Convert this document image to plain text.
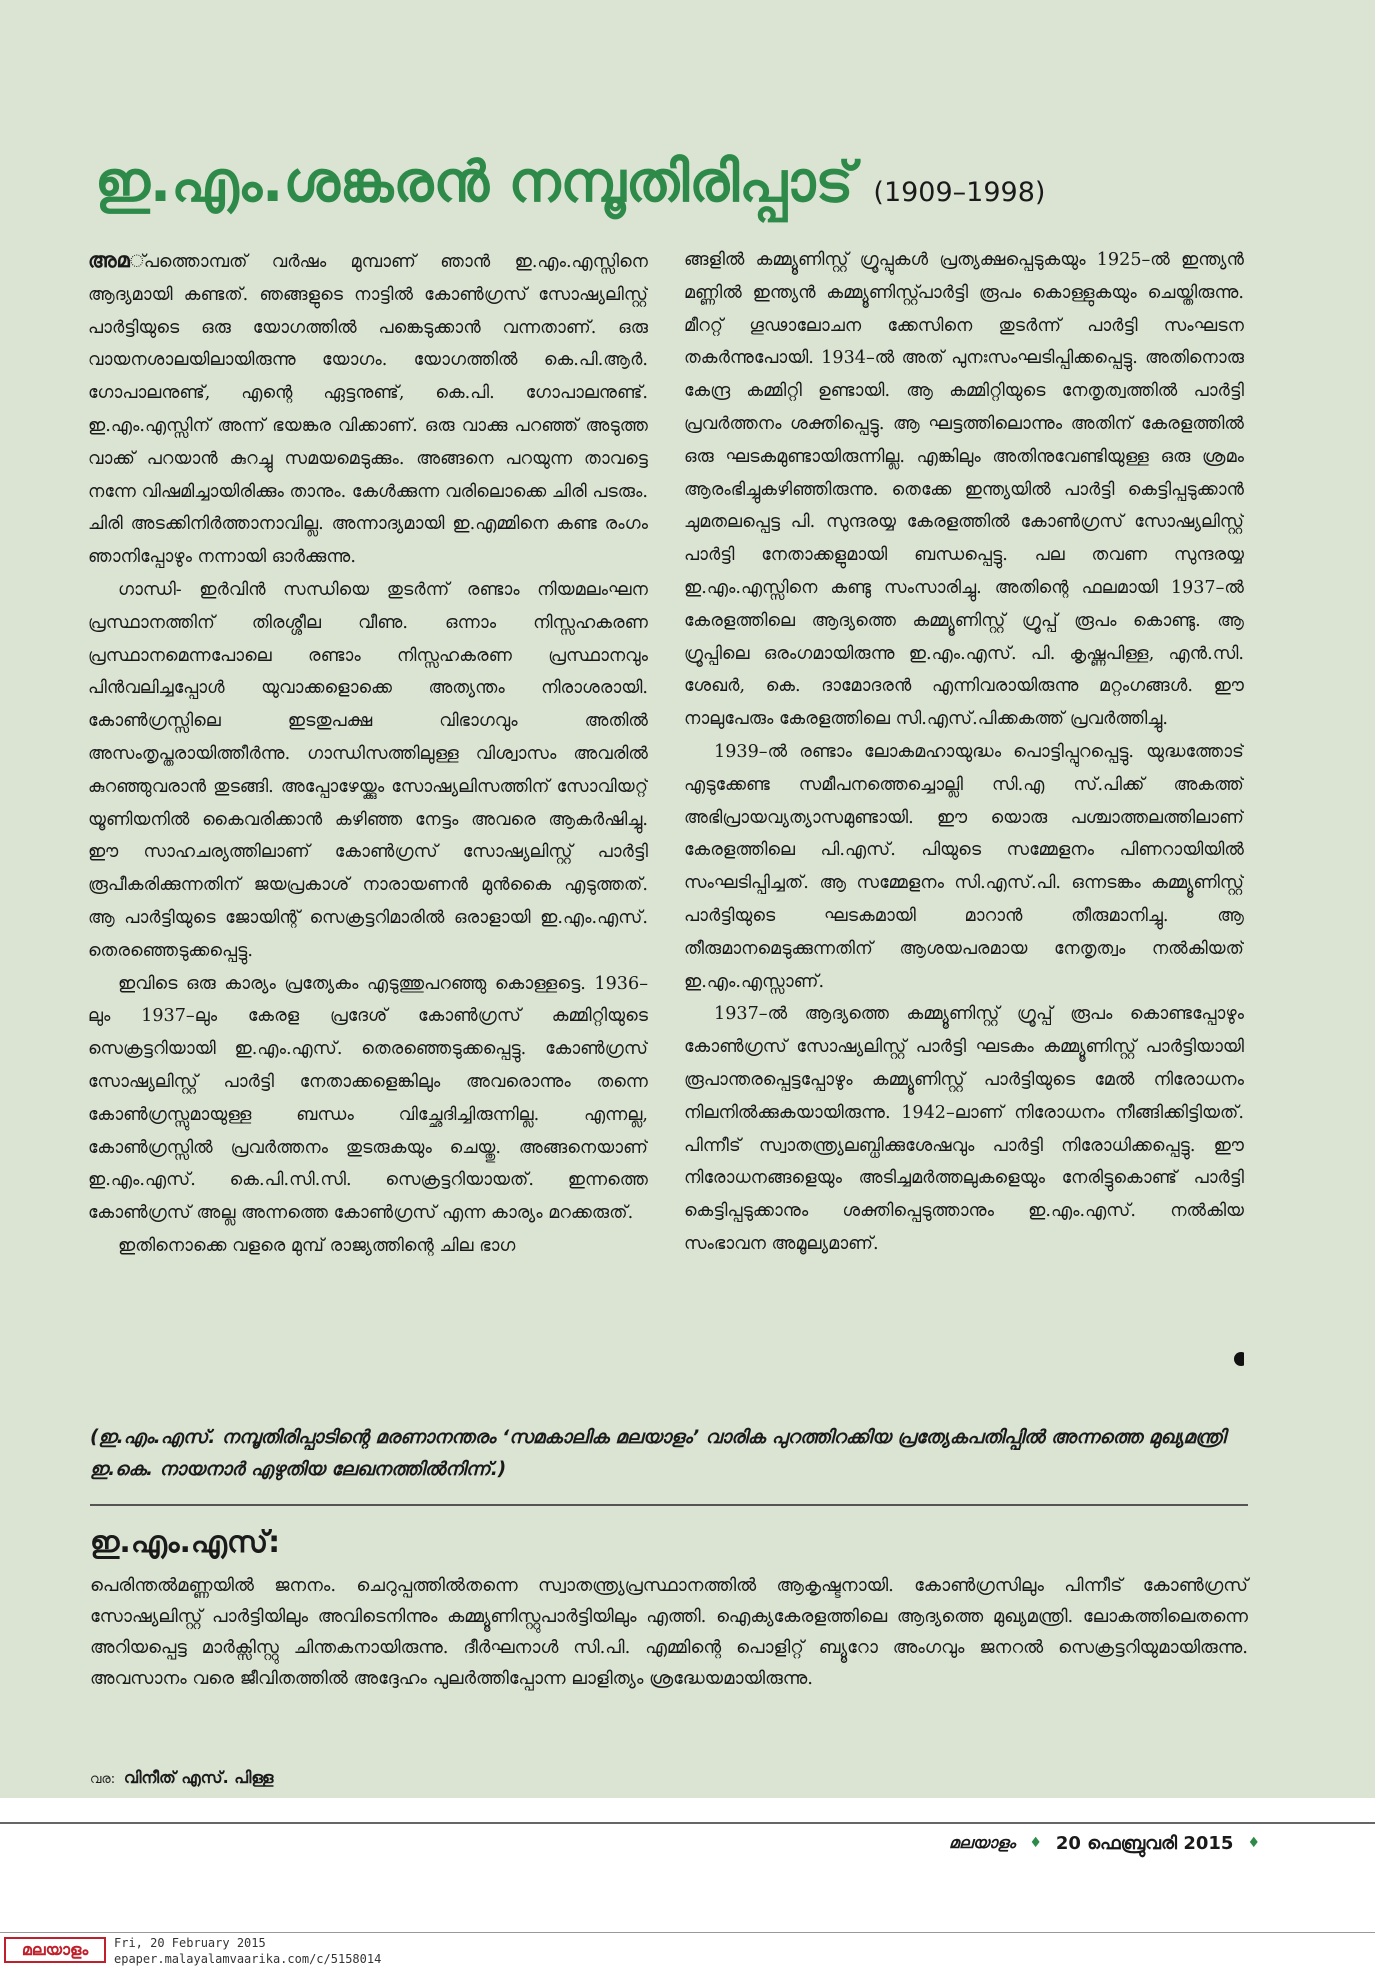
ഇ.എം.ശങ്കരൻ നമ്പൂതിരിപ്പാട് (1909–1998)

അമ്പത്തൊമ്പത് വർഷം മുമ്പാണ് ഞാൻ ഇ.എം.എസ്സിനെ ആദ്യമായി കണ്ടത്. ഞങ്ങളുടെ നാട്ടിൽ കോൺഗ്രസ് സോഷ്യലിസ്റ്റ് പാർട്ടിയുടെ ഒരു യോഗത്തിൽ പങ്കെടുക്കാൻ വന്നതാണ്. ഒരു വായനശാലയിലായിരുന്നു യോഗം. യോഗത്തിൽ കെ.പി.ആർ. ഗോപാലനുണ്ട്, എന്റെ ഏട്ടനുണ്ട്, കെ.പി. ഗോപാലനുണ്ട്. ഇ.എം.എസ്സിന് അന്ന് ഭയങ്കര വിക്കാണ്. ഒരു വാക്കു പറഞ്ഞ് അടുത്ത വാക്ക് പറയാൻ കുറച്ചു സമയമെടുക്കും. അങ്ങനെ പറയുന്ന താവട്ടെ നന്നേ വിഷമിച്ചായിരിക്കും താനും. കേൾക്കുന്ന വരിലൊക്കെ ചിരി പടരും. ചിരി അടക്കിനിർത്താനാവില്ല. അന്നാദ്യമായി ഇ.എമ്മിനെ കണ്ട രംഗം ഞാനിപ്പോഴും നന്നായി ഓർക്കുന്നു.

ഗാന്ധി- ഇർവിൻ സന്ധിയെ തുടർന്ന് രണ്ടാം നിയമലംഘന പ്രസ്ഥാനത്തിന് തിരശ്ശീല വീണു. ഒന്നാം നിസ്സഹകരണ പ്രസ്ഥാനമെന്നപോലെ രണ്ടാം നിസ്സഹകരണ പ്രസ്ഥാനവും പിൻവലിച്ചപ്പോൾ യുവാക്കളൊക്കെ അത്യന്തം നിരാശരായി. കോൺഗ്രസ്സിലെ ഇടതുപക്ഷ വിഭാഗവും അതിൽ അസംതൃപ്തരായിത്തീർന്നു. ഗാന്ധിസത്തിലുള്ള വിശ്വാസം അവരിൽ കുറഞ്ഞുവരാൻ തുടങ്ങി. അപ്പോഴേയ്ക്കും സോഷ്യലിസത്തിന് സോവിയറ്റ് യൂണിയനിൽ കൈവരിക്കാൻ കഴിഞ്ഞ നേട്ടം അവരെ ആകർഷിച്ചു. ഈ സാഹചര്യത്തിലാണ് കോൺഗ്രസ് സോഷ്യലിസ്റ്റ് പാർട്ടി രൂപീകരിക്കുന്നതിന് ജയപ്രകാശ് നാരായണൻ മുൻകൈ എടുത്തത്. ആ പാർട്ടിയുടെ ജോയിന്റ് സെക്രട്ടറിമാരിൽ ഒരാളായി ഇ.എം.എസ്. തെരഞ്ഞെടുക്കപ്പെട്ടു.

ഇവിടെ ഒരു കാര്യം പ്രത്യേകം എടുത്തുപറഞ്ഞു കൊള്ളട്ടെ. 1936–ലും 1937–ലും കേരള പ്രദേശ് കോൺഗ്രസ് കമ്മിറ്റിയുടെ സെക്രട്ടറിയായി ഇ.എം.എസ്. തെരഞ്ഞെടുക്കപ്പെട്ടു. കോൺഗ്രസ് സോഷ്യലിസ്റ്റ് പാർട്ടി നേതാക്കളെങ്കിലും അവരൊന്നും തന്നെ കോൺഗ്രസ്സുമായുള്ള ബന്ധം വിച്ഛേദിച്ചിരുന്നില്ല. എന്നല്ല, കോൺഗ്രസ്സിൽ പ്രവർത്തനം തുടരുകയും ചെയ്തു. അങ്ങനെയാണ് ഇ.എം.എസ്. കെ.പി.സി.സി. സെക്രട്ടറിയായത്. ഇന്നത്തെ കോൺഗ്രസ് അല്ല അന്നത്തെ കോൺഗ്രസ് എന്ന കാര്യം മറക്കരുത്.

ഇതിനൊക്കെ വളരെ മുമ്പ് രാജ്യത്തിന്റെ ചില ഭാഗ

ങ്ങളിൽ കമ്മ്യൂണിസ്റ്റ് ഗ്രൂപ്പുകൾ പ്രത്യക്ഷപ്പെടുകയും 1925–ൽ ഇന്ത്യൻ മണ്ണിൽ ഇന്ത്യൻ കമ്മ്യൂണിസ്റ്റ്പാർട്ടി രൂപം കൊള്ളുകയും ചെയ്തിരുന്നു. മീററ്റ് ഗൂഢാലോചന ക്കേസിനെ തുടർന്ന് പാർട്ടി സംഘടന തകർന്നുപോയി. 1934–ൽ അത് പുനഃസംഘടിപ്പിക്കപ്പെട്ടു. അതിനൊരു കേന്ദ്ര കമ്മിറ്റി ഉണ്ടായി. ആ കമ്മിറ്റിയുടെ നേതൃത്വത്തിൽ പാർട്ടി പ്രവർത്തനം ശക്തിപ്പെട്ടു. ആ ഘട്ടത്തിലൊന്നും അതിന് കേരളത്തിൽ ഒരു ഘടകമുണ്ടായിരുന്നില്ല. എങ്കിലും അതിനുവേണ്ടിയുള്ള ഒരു ശ്രമം ആരംഭിച്ചുകഴിഞ്ഞിരുന്നു. തെക്കേ ഇന്ത്യയിൽ പാർട്ടി കെട്ടിപ്പടുക്കാൻ ചുമതലപ്പെട്ട പി. സുന്ദരയ്യ കേരളത്തിൽ കോൺഗ്രസ് സോഷ്യലിസ്റ്റ് പാർട്ടി നേതാക്കളുമായി ബന്ധപ്പെട്ടു. പല തവണ സുന്ദരയ്യ ഇ.എം.എസ്സിനെ കണ്ടു സംസാരിച്ചു. അതിന്റെ ഫലമായി 1937–ൽ കേരളത്തിലെ ആദ്യത്തെ കമ്മ്യൂണിസ്റ്റ് ഗ്രൂപ്പ് രൂപം കൊണ്ടു. ആ ഗ്രൂപ്പിലെ ഒരംഗമായിരുന്നു ഇ.എം.എസ്. പി. കൃഷ്ണപിള്ള, എൻ.സി. ശേഖർ, കെ. ദാമോദരൻ എന്നിവരായിരുന്നു മറ്റംഗങ്ങൾ. ഈ നാലുപേരും കേരളത്തിലെ സി.എസ്.പിക്കകത്ത് പ്രവർത്തിച്ചു.

1939–ൽ രണ്ടാം ലോകമഹായുദ്ധം പൊട്ടിപ്പുറപ്പെട്ടു. യുദ്ധത്തോട് എടുക്കേണ്ട സമീപനത്തെച്ചൊല്ലി സി.എ സ്.പിക്ക് അകത്ത് അഭിപ്രായവ്യത്യാസമുണ്ടായി. ഈ യൊരു പശ്ചാത്തലത്തിലാണ് കേരളത്തിലെ പി.എസ്. പിയുടെ സമ്മേളനം പിണറായിയിൽ സംഘടിപ്പിച്ചത്. ആ സമ്മേളനം സി.എസ്.പി. ഒന്നടങ്കം കമ്മ്യൂണിസ്റ്റ് പാർട്ടിയുടെ ഘടകമായി മാറാൻ തീരുമാനിച്ചു. ആ തീരുമാനമെടുക്കുന്നതിന് ആശയപരമായ നേതൃത്വം നൽകിയത് ഇ.എം.എസ്സാണ്.

1937–ൽ ആദ്യത്തെ കമ്മ്യൂണിസ്റ്റ് ഗ്രൂപ്പ് രൂപം കൊണ്ടപ്പോഴും കോൺഗ്രസ് സോഷ്യലിസ്റ്റ് പാർട്ടി ഘടകം കമ്മ്യൂണിസ്റ്റ് പാർട്ടിയായി രൂപാന്തരപ്പെട്ടപ്പോഴും കമ്മ്യൂണിസ്റ്റ് പാർട്ടിയുടെ മേൽ നിരോധനം നിലനിൽക്കുകയായിരുന്നു. 1942–ലാണ് നിരോധനം നീങ്ങിക്കിട്ടിയത്. പിന്നീട് സ്വാതന്ത്ര്യലബ്ധിക്കുശേഷവും പാർട്ടി നിരോധിക്കപ്പെട്ടു. ഈ നിരോധനങ്ങളെയും അടിച്ചമർത്തലുകളെയും നേരിട്ടുകൊണ്ട് പാർട്ടി കെട്ടിപ്പടുക്കാനും ശക്തിപ്പെടുത്താനും ഇ.എം.എസ്. നൽകിയ സംഭാവന അമൂല്യമാണ്.

(ഇ.എം.എസ്. നമ്പൂതിരിപ്പാടിന്റെ മരണാനന്തരം ‘സമകാലിക മലയാളം’ വാരിക പുറത്തിറക്കിയ പ്രത്യേകപതിപ്പിൽ അന്നത്തെ മുഖ്യമന്ത്രി ഇ.കെ. നായനാർ എഴുതിയ ലേഖനത്തിൽനിന്ന്.)

ഇ.എം.എസ്:

പെരിന്തൽമണ്ണയിൽ ജനനം. ചെറുപ്പത്തിൽതന്നെ സ്വാതന്ത്ര്യപ്രസ്ഥാനത്തിൽ ആകൃഷ്ടനായി. കോൺഗ്രസിലും പിന്നീട് കോൺഗ്രസ് സോഷ്യലിസ്റ്റ് പാർട്ടിയിലും അവിടെനിന്നും കമ്മ്യൂണിസ്റ്റുപാർട്ടിയിലും എത്തി. ഐക്യകേരളത്തിലെ ആദ്യത്തെ മുഖ്യമന്ത്രി. ലോകത്തിലെതന്നെ അറിയപ്പെട്ട മാർക്സിസ്റ്റു ചിന്തകനായിരുന്നു. ദീർഘനാൾ സി.പി. എമ്മിന്റെ പൊളിറ്റ് ബ്യൂറോ അംഗവും ജനറൽ സെക്രട്ടറിയുമായിരുന്നു. അവസാനം വരെ ജീവിതത്തിൽ അദ്ദേഹം പുലർത്തിപ്പോന്ന ലാളിത്യം ശ്രദ്ധേയമായിരുന്നു.

വര: വിനീത് എസ്. പിള്ള
മലയാളം ♦ 20 ഫെബ്രുവരി 2015 ♦
മലയാളം	Fri, 20 February 2015
epaper.malayalamvaarika.com/c/5158014
